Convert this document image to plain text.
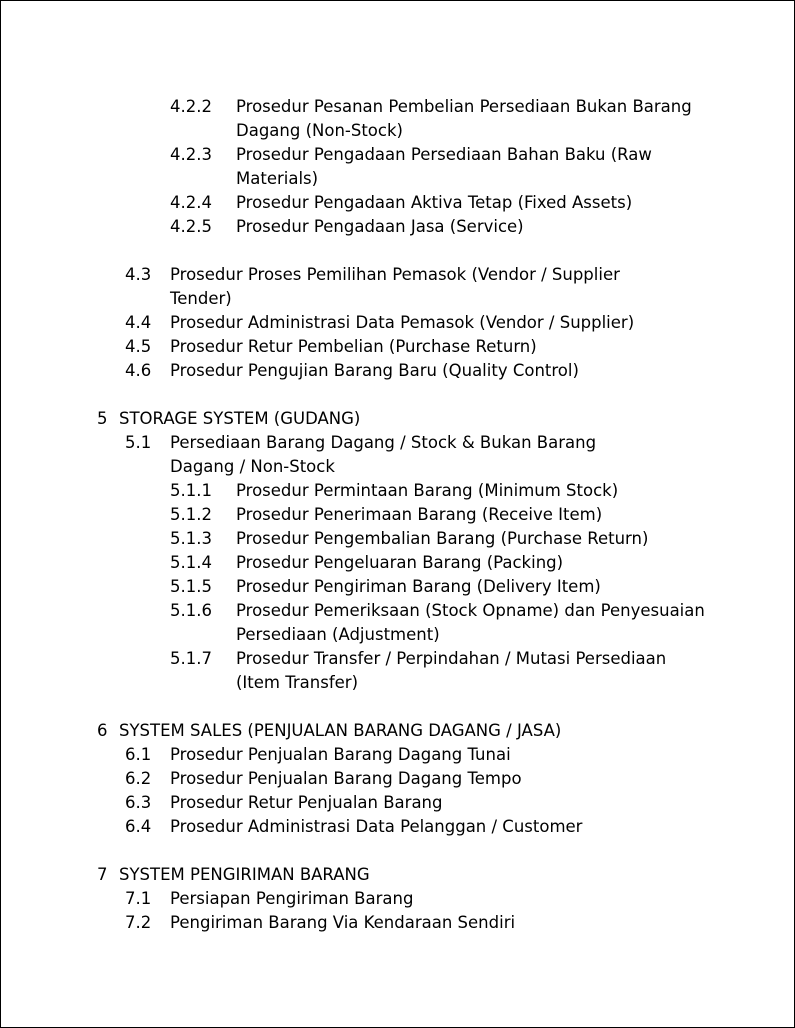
4.2.2	Prosedur Pesanan Pembelian Persediaan Bukan Barang Dagang (Non-Stock)
4.2.3	Prosedur Pengadaan Persediaan Bahan Baku (Raw Materials)
4.2.4	Prosedur Pengadaan Aktiva Tetap (Fixed Assets)
4.2.5	Prosedur Pengadaan Jasa (Service)
4.3	Prosedur Proses Pemilihan Pemasok (Vendor / Supplier Tender)
4.4	Prosedur Administrasi Data Pemasok (Vendor / Supplier)
4.5	Prosedur Retur Pembelian (Purchase Return)
4.6	Prosedur Pengujian Barang Baru (Quality Control)
5 STORAGE SYSTEM (GUDANG)
5.1	Persediaan Barang Dagang / Stock & Bukan Barang Dagang / Non-Stock
5.1.1	Prosedur Permintaan Barang (Minimum Stock)
5.1.2	Prosedur Penerimaan Barang (Receive Item)
5.1.3	Prosedur Pengembalian Barang (Purchase Return)
5.1.4	Prosedur Pengeluaran Barang (Packing)
5.1.5	Prosedur Pengiriman Barang (Delivery Item)
5.1.6	Prosedur Pemeriksaan (Stock Opname) dan Penyesuaian Persediaan (Adjustment)
5.1.7	Prosedur Transfer / Perpindahan / Mutasi Persediaan (Item Transfer)
6 SYSTEM SALES (PENJUALAN BARANG DAGANG / JASA)
6.1	Prosedur Penjualan Barang Dagang Tunai
6.2	Prosedur Penjualan Barang Dagang Tempo
6.3	Prosedur Retur Penjualan Barang
6.4	Prosedur Administrasi Data Pelanggan / Customer
7 SYSTEM PENGIRIMAN BARANG
7.1	Persiapan Pengiriman Barang
7.2	Pengiriman Barang Via Kendaraan Sendiri
